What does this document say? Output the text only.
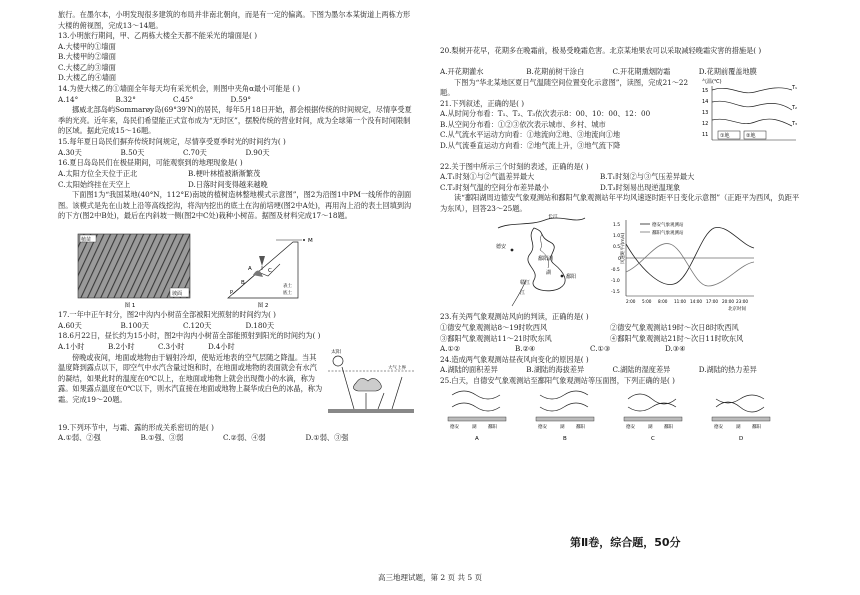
旅行。在墨尔本，小明发现很多建筑的布局并非南北朝向，而是有一定的偏离。下图为墨尔本某街道上两栋方形大楼的俯视图，完成13～14题。

13.小明旅行期间，甲、乙两栋大楼全天都不能采光的墙面是( )

A.大楼甲的①墙面

B.大楼甲的②墙面

C.大楼乙的③墙面

D.大楼乙的④墙面

14.为使大楼乙的①墙面全年每天均有采光机会，则图中夹角α最小可能是 ( )

A.14°	B.32°	C.45°	D.59°

挪威北部岛屿Sommarøy岛(69°39′N)的居民，每年5月18日开始，都会根据传统的时间规定，尽情享受夏季的光亮。近年来，岛民们希望能正式宣布成为“无时区”，摆脱传统的营业时间，成为全球第一个没有时间限制的区域。据此完成15～16题。

15.每年夏日岛民们摒弃传统时间规定，尽情享受夏季时光的时间约为( )

A.30天	B.50天	C.70天	D.90天

16.夏日岛岛民们在极昼期间，可能观察到的地理现象是( )

A.太阳方位全天位于正北	B.梗叶林植被渐渐繁茂
C.太阳始终挂在天空上	D.日落时间变得越来越晚

下面图1为“我国某地(40°N，112°E)南坡的植树造林整地模式示意图”，图2为沿图1中PM一线所作的剖面图。该模式是先在山坡上沿等高线挖沟，将沟内挖出的底土在沟前培埂(图2中A处)，再用沟上沿的表土回填到沟的下方(图2中B处)，最后在内斜坡一侧(图2中C处)栽种小树苗。据图及材料完成17～18题。

植苗
坡面
图 1
M
A
B
C
P	底土
表土
图 2

17.一年中正午时分，图2中沟内小树苗全部被阳光照射的时间约为( )

A.60天	B.100天	C.120天	D.180天

18.6月22日，昼长约为15小时，图2中沟内小树苗全部能照射到阳光的时间约为( )

A.1小时	B.2小时	C.3小时	D.4小时

傍晚或夜间，地面或地物由于辐射冷却，使贴近地表的空气层随之降温。当其温度降到露点以下，即空气中水汽含量过饱和时，在地面或地物的表面就会有水汽的凝结，如果此时的温度在0℃以上，在地面或地物上就会出现微小的水滴，称为露。如果露点温度在0℃以下，则水汽直接在地面或地物上凝华成白色的冰晶，称为霜。完成19～20题。

太阳
大气上界

19.下列环节中，与霜、露的形成关系密切的是( )

A.①弱、②强	B.①强、③弱	C.②弱、④弱	D.①弱、③强

20.梨树开花早，花期多在晚霜前，极易受晚霜危害。北京某地果农可以采取减轻晚霜灾害的措施是( )

A.开花期灌水	B.花期前树干涂白	C.开花期熏烟防霜	D.花期前覆盖地膜

下图为“华北某地区夏日气温随空间位置变化示意图”，读图，完成21～22题。

21.下列叙述，正确的是( )

A.从时间分布看：T₁、T₂、T₃依次表示8：00、10：00、12：00

B.从空间分布看：①②③依次表示城市、乡村、城市

C.从气流水平运动方向看：①地流向②地、③地流向①地

D.从气流垂直运动方向看：②地气流上升，③地气流下降

气温(℃)
15
14
13
12
11
T₁
T₂
T₃
①地	②地

22.关于图中所示三个时刻的表述，正确的是( )

A.T₁时刻①与②气温差异最大	B.T₁时刻②与③气压差异最大
C.T₂时刻气温的空间分布差异最小	D.T₃时刻易出现逆温现象

读“鄱阳湖周边德安气象观测站和鄱阳气象观测站年平均风速逐时距平日变化示意图”（正距平为西风，负距平为东风），回答23～25题。

长江
德安
鄱阳
鄱阳湖
赣江
江
湖
风速距平/(m/s)
1.5
1.0
0.5
0
-0.5
-1.0
-1.5
2:00 5:00 8:00 11:00 14:00 17:00 20:00 23:00
北京时间
德安气象观测站
鄱阳气象观测站

23.有关两气象观测站风向的判读，正确的是( )

①德安气象观测站8～19时吹西风	②德安气象观测站19时～次日8时吹西风
③鄱阳气象观测站11～21时吹东风	④鄱阳气象观测站21时～次日11时吹东风
A.①②	B.②④	C.①③	D.③④

24.造成两气象观测站昼夜风向变化的原因是( )

A.湖陆的面积差异	B.湖陆的海拔差异	C.湖陆的湿度差异	D.湖陆的热力差异

25.白天，自德安气象观测站至鄱阳气象观测站等压面图，下列正确的是( )

德安	湖	鄱阳
A
德安	湖	鄱阳
B
德安	湖	鄱阳
C
德安	湖	鄱阳
D
第Ⅱ卷，综合题，50分
高三地理试题，第 2 页 共 5 页
